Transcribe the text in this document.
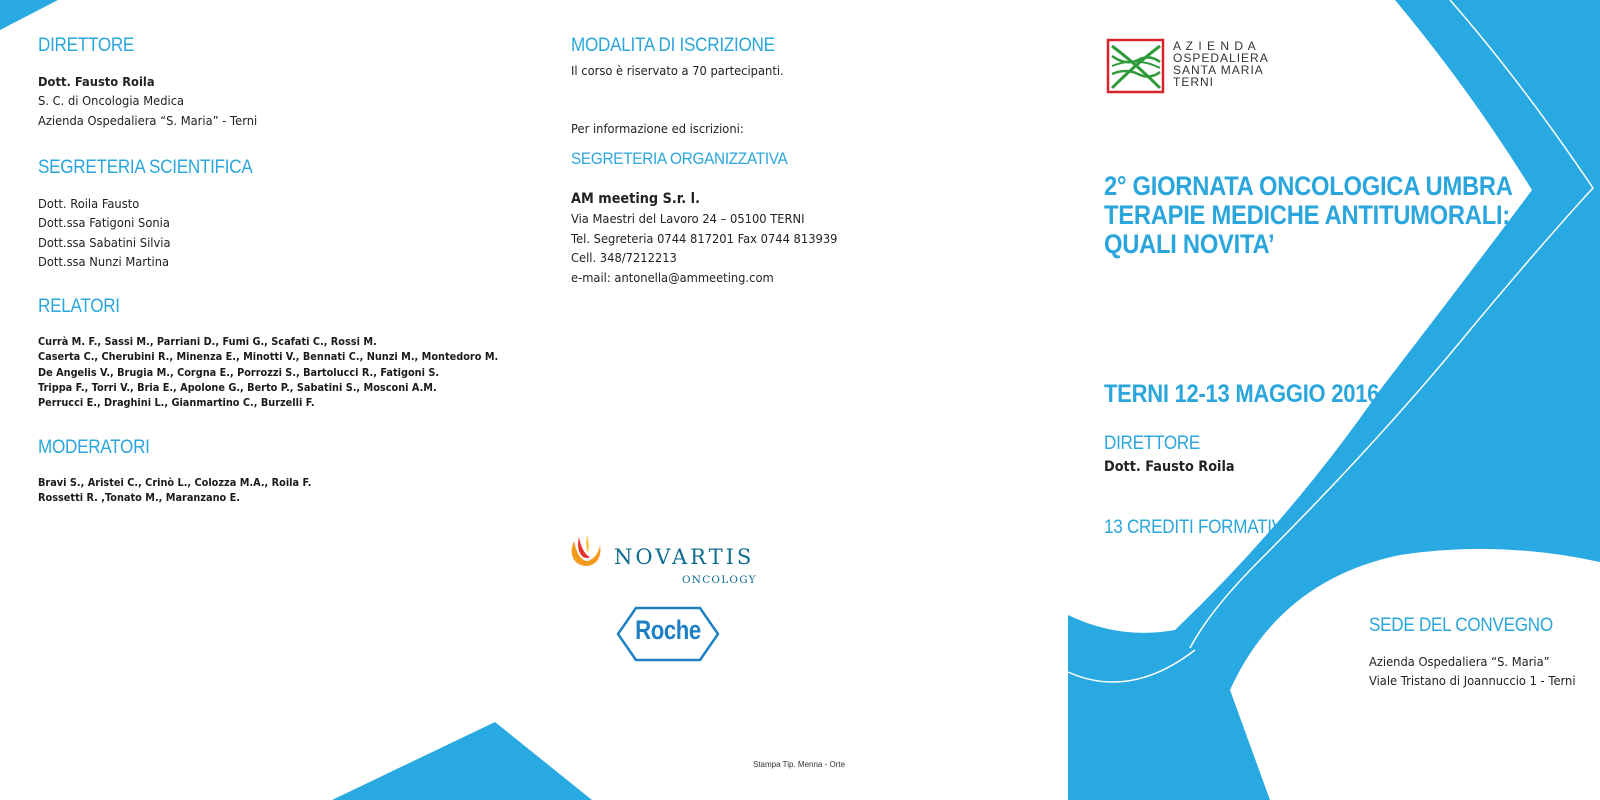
DIRETTORE
Dott. Fausto Roila
S. C. di Oncologia Medica
Azienda Ospedaliera “S. Maria” - Terni
SEGRETERIA SCIENTIFICA
Dott. Roila Fausto
Dott.ssa Fatigoni Sonia
Dott.ssa Sabatini Silvia
Dott.ssa Nunzi Martina
RELATORI
Currà M. F., Sassi M., Parriani D., Fumi G., Scafati C., Rossi M.
Caserta C., Cherubini R., Minenza E., Minotti V., Bennati C., Nunzi M., Montedoro M.
De Angelis V., Brugia M., Corgna E., Porrozzi S., Bartolucci R., Fatigoni S.
Trippa F., Torri V., Bria E., Apolone G., Berto P., Sabatini S., Mosconi A.M.
Perrucci E., Draghini L., Gianmartino C., Burzelli F.
MODERATORI
Bravi S., Aristei C., Crinò L., Colozza M.A., Roila F.
Rossetti R. ,Tonato M., Maranzano E.
MODALITA DI ISCRIZIONE
Il corso è riservato a 70 partecipanti.
Per informazione ed iscrizioni:
SEGRETERIA ORGANIZZATIVA
AM meeting S.r. l.
Via Maestri del Lavoro 24 – 05100 TERNI
Tel. Segreteria 0744 817201 Fax 0744 813939
Cell. 348/7212213
e-mail: antonella@ammeeting.com
NOVARTIS
ONCOLOGY
Roche
Stampa Tip. Menna - Orte
A Z I E N D A
OSPEDALIERA
SANTA MARIA
TERNI
2° GIORNATA ONCOLOGICA UMBRA
TERAPIE MEDICHE ANTITUMORALI:
QUALI NOVITA’
TERNI 12-13 MAGGIO 2016
DIRETTORE
Dott. Fausto Roila
13 CREDITI FORMATIVI
SEDE DEL CONVEGNO
Azienda Ospedaliera “S. Maria”
Viale Tristano di Joannuccio 1 - Terni
